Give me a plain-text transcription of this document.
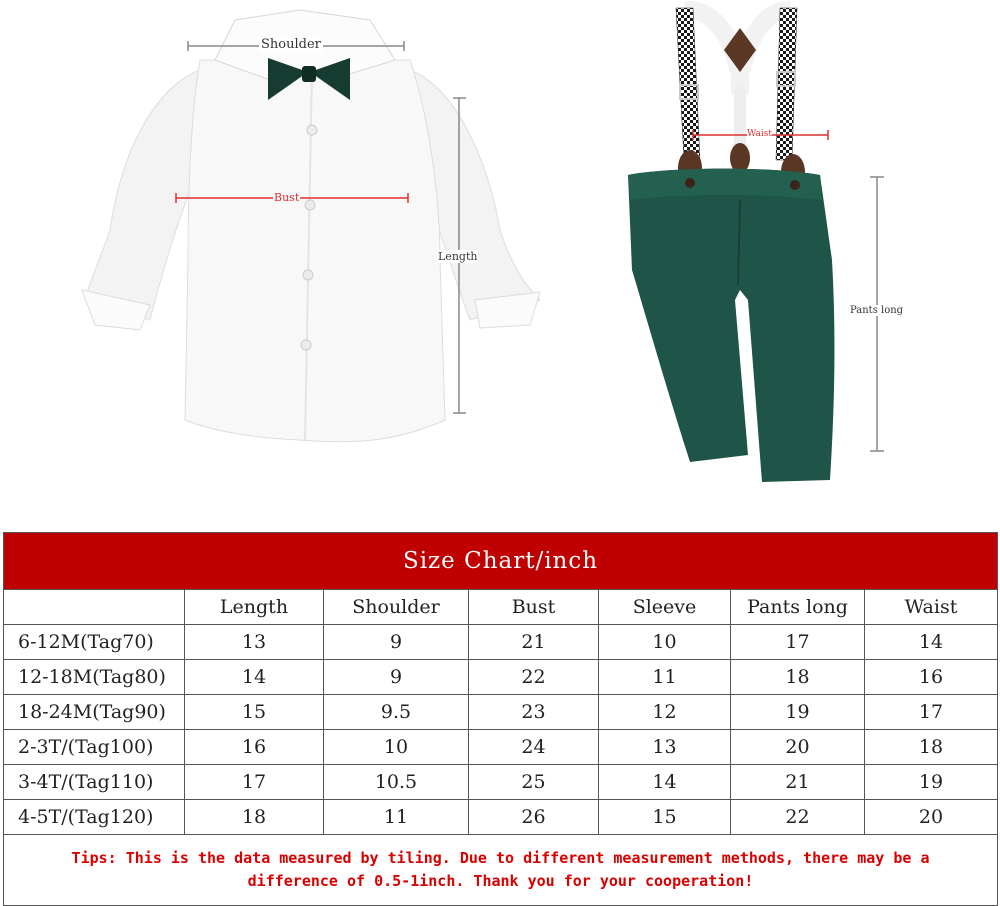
Shoulder
Bust
Length
Waist
Pants long
Size Chart/inch						
	Length	Shoulder	Bust	Sleeve	Pants long	Waist
6-12M(Tag70)	13	9	21	10	17	14
12-18M(Tag80)	14	9	22	11	18	16
18-24M(Tag90)	15	9.5	23	12	19	17
2-3T/(Tag100)	16	10	24	13	20	18
3-4T/(Tag110)	17	10.5	25	14	21	19
4-5T/(Tag120)	18	11	26	15	22	20
Tips: This is the data measured by tiling. Due to different measurement methods, there may be a difference of 0.5-1inch. Thank you for your cooperation!						
